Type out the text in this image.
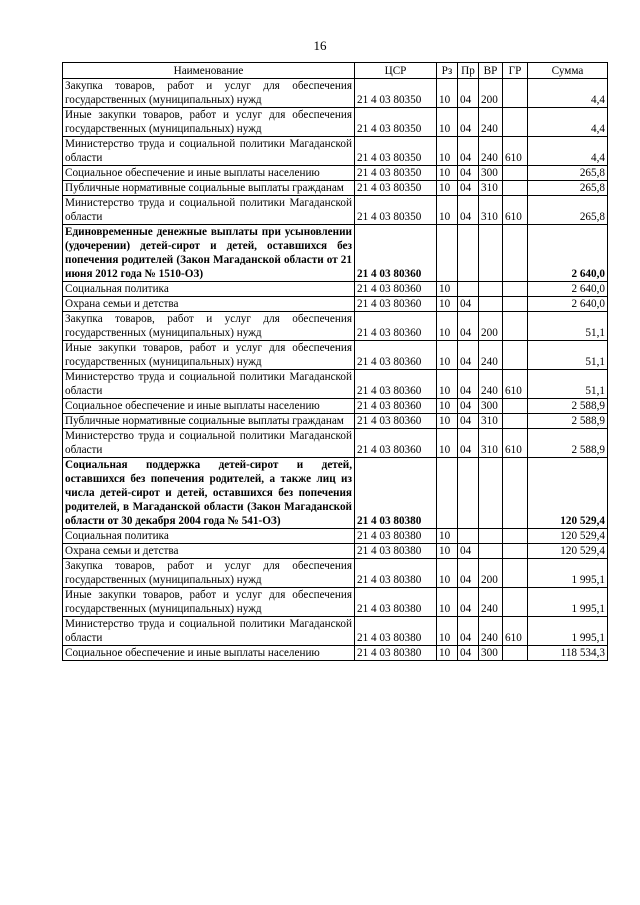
16
Наименование	ЦСР	Рз	Пр	ВР	ГР	Сумма
Закупка товаров, работ и услуг для обеспечения государственных (муниципальных) нужд	21 4 03 80350	10	04	200		4,4
Иные закупки товаров, работ и услуг для обеспечения государственных (муниципальных) нужд	21 4 03 80350	10	04	240		4,4
Министерство труда и социальной политики Магаданской области	21 4 03 80350	10	04	240	610	4,4
Социальное обеспечение и иные выплаты населению	21 4 03 80350	10	04	300		265,8
Публичные нормативные социальные выплаты гражданам	21 4 03 80350	10	04	310		265,8
Министерство труда и социальной политики Магаданской области	21 4 03 80350	10	04	310	610	265,8
Единовременные денежные выплаты при усыновлении (удочерении) детей-сирот и детей, оставшихся без попечения родителей (Закон Магаданской области от 21 июня 2012 года № 1510-ОЗ)	21 4 03 80360					2 640,0
Социальная политика	21 4 03 80360	10				2 640,0
Охрана семьи и детства	21 4 03 80360	10	04			2 640,0
Закупка товаров, работ и услуг для обеспечения государственных (муниципальных) нужд	21 4 03 80360	10	04	200		51,1
Иные закупки товаров, работ и услуг для обеспечения государственных (муниципальных) нужд	21 4 03 80360	10	04	240		51,1
Министерство труда и социальной политики Магаданской области	21 4 03 80360	10	04	240	610	51,1
Социальное обеспечение и иные выплаты населению	21 4 03 80360	10	04	300		2 588,9
Публичные нормативные социальные выплаты гражданам	21 4 03 80360	10	04	310		2 588,9
Министерство труда и социальной политики Магаданской области	21 4 03 80360	10	04	310	610	2 588,9
Социальная поддержка детей-сирот и детей, оставшихся без попечения родителей, а также лиц из числа детей-сирот и детей, оставшихся без попечения родителей, в Магаданской области (Закон Магаданской области от 30 декабря 2004 года № 541-ОЗ)	21 4 03 80380					120 529,4
Социальная политика	21 4 03 80380	10				120 529,4
Охрана семьи и детства	21 4 03 80380	10	04			120 529,4
Закупка товаров, работ и услуг для обеспечения государственных (муниципальных) нужд	21 4 03 80380	10	04	200		1 995,1
Иные закупки товаров, работ и услуг для обеспечения государственных (муниципальных) нужд	21 4 03 80380	10	04	240		1 995,1
Министерство труда и социальной политики Магаданской области	21 4 03 80380	10	04	240	610	1 995,1
Социальное обеспечение и иные выплаты населению	21 4 03 80380	10	04	300		118 534,3
